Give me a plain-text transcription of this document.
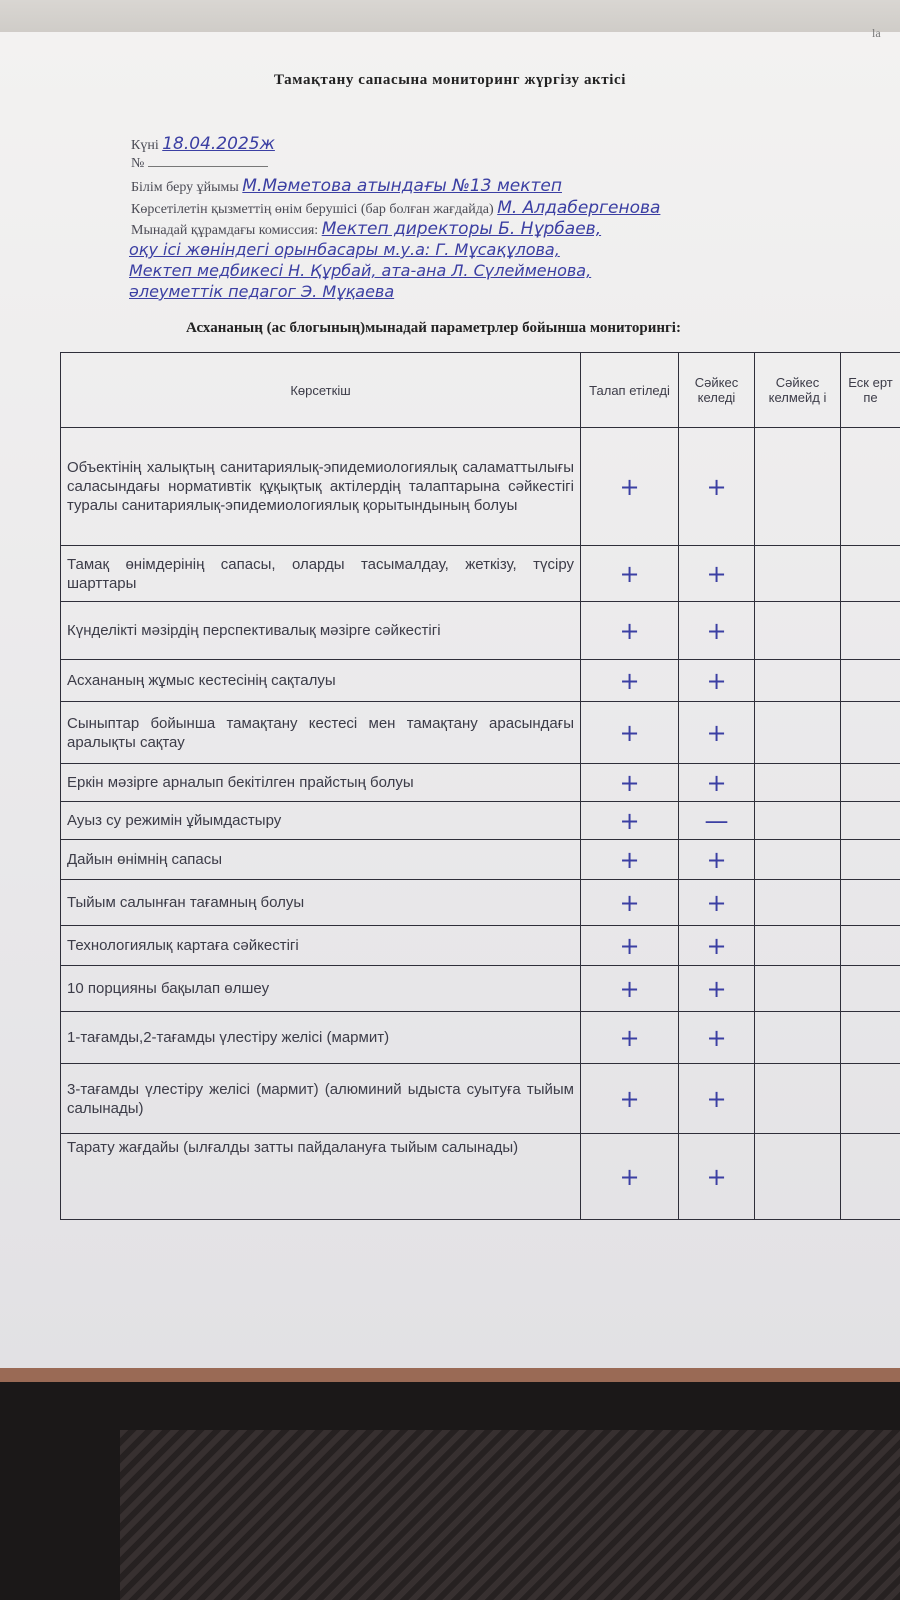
la
Тамақтану сапасына мониторинг жүргізу актісі
Күні 18.04.2025ж
№
Білім беру ұйымы М.Мәметова атындағы №13 мектеп
Көрсетілетін қызметтің өнім берушісі (бар болған жағдайда) М. Алдабергенова
Мынадай құрамдағы комиссия: Мектеп директоры Б. Нұрбаев,
оқу ісі жөніндегі орынбасары м.у.а: Г. Мұсақұлова,
Мектеп медбикесі Н. Құрбай, ата-ана Л. Сүлейменова,
әлеуметтік педагог Э. Мұқаева
Асхананың (ас блогының)мынадай параметрлер бойынша мониторингі:
Көрсеткіш	Талап етіледі	Сәйкес келеді	Сәйкес келмейд і	Еск ерт пе
Объектінің халықтың санитариялық-эпидемиологиялық саламаттылығы саласындағы нормативтік құқықтық актілердің талаптарына сәйкестігі туралы санитариялық-эпидемиологиялық қорытындының болуы	+	+		
Тамақ өнімдерінің сапасы, оларды тасымалдау, жеткізу, түсіру шарттары	+	+		
Күнделікті мәзірдің перспективалық мәзірге сәйкестігі	+	+		
Асхананың жұмыс кестесінің сақталуы	+	+		
Сыныптар бойынша тамақтану кестесі мен тамақтану арасындағы аралықты сақтау	+	+		
Еркін мәзірге арналып бекітілген прайстың болуы	+	+		
Ауыз су режимін ұйымдастыру	+	—		
Дайын өнімнің сапасы	+	+		
Тыйым салынған тағамның болуы	+	+		
Технологиялық картаға сәйкестігі	+	+		
10 порцияны бақылап өлшеу	+	+		
1-тағамды,2-тағамды үлестіру желісі (мармит)	+	+		
3-тағамды үлестіру желісі (мармит) (алюминий ыдыста суытуға тыйым салынады)	+	+		
Тарату жағдайы (ылғалды затты пайдалануға тыйым салынады)	+	+		
